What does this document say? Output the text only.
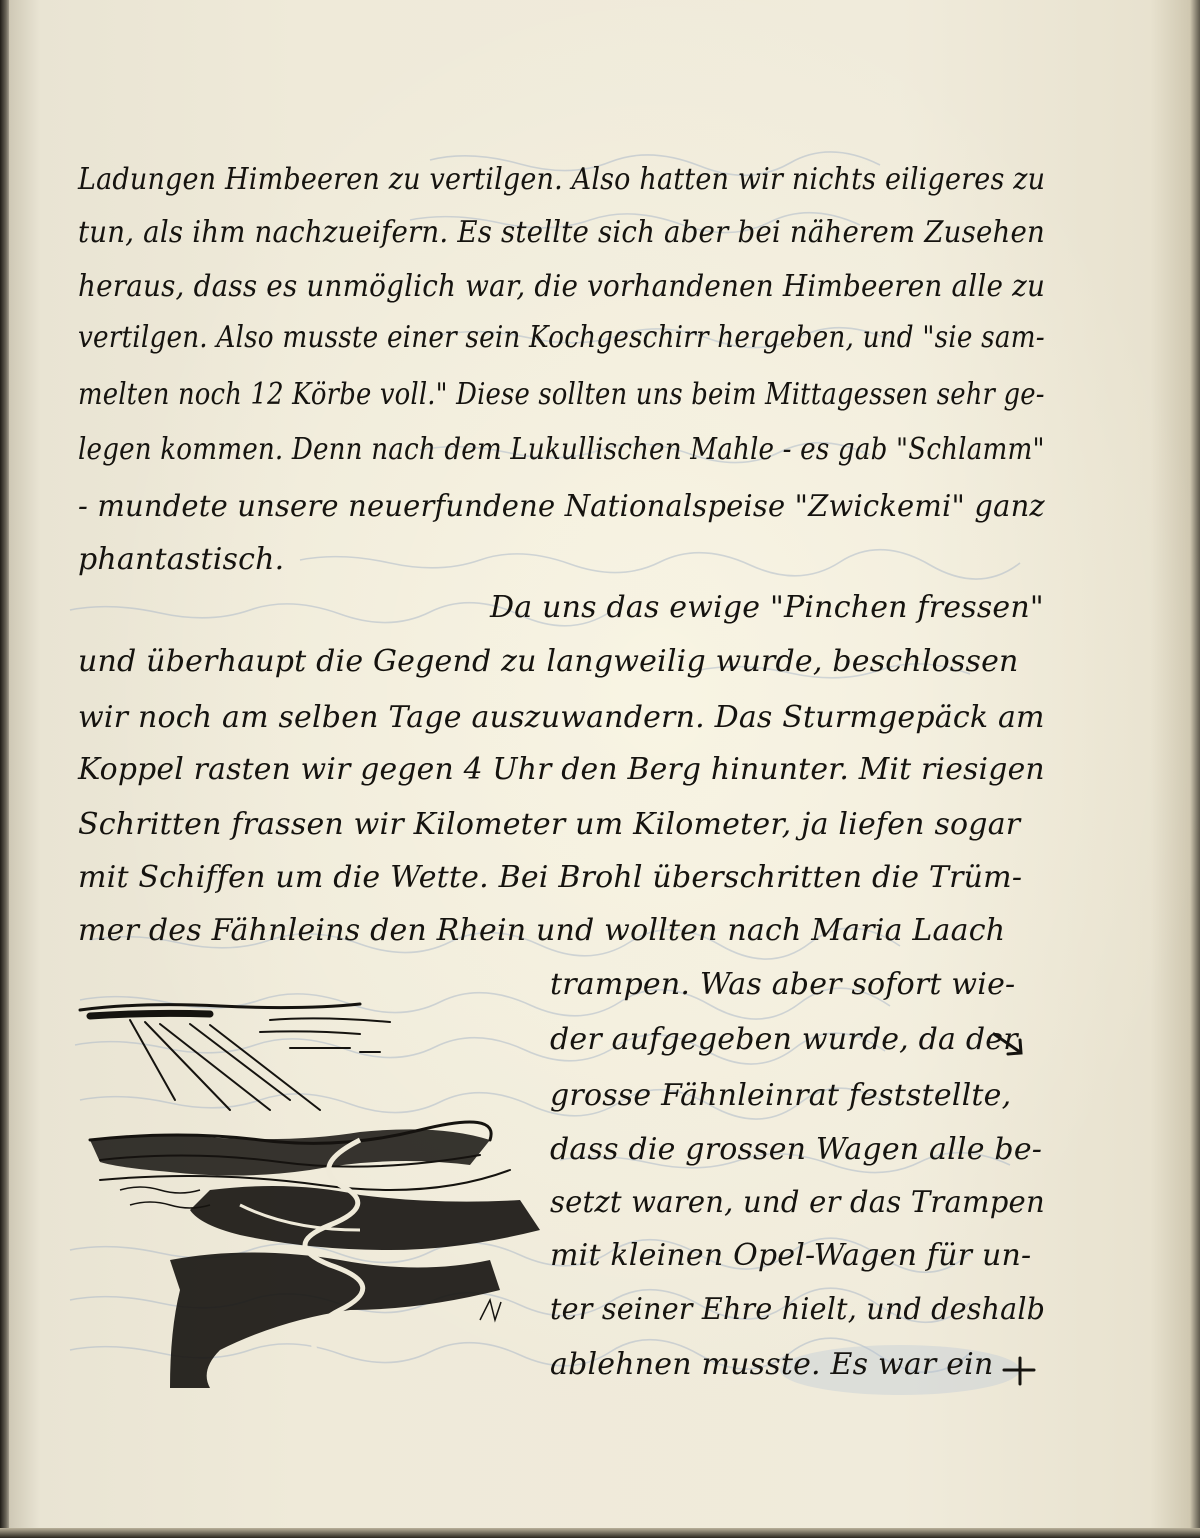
Ladungen Himbeeren zu vertilgen. Also hatten wir nichts eiligeres zu
tun, als ihm nachzueifern. Es stellte sich aber bei näherem Zusehen
heraus, dass es unmöglich war, die vorhandenen Himbeeren alle zu
vertilgen. Also musste einer sein Kochgeschirr hergeben, und "sie sam-
melten noch 12 Körbe voll." Diese sollten uns beim Mittagessen sehr ge-
legen kommen. Denn nach dem Lukullischen Mahle - es gab "Schlamm"
- mundete unsere neuerfundene Nationalspeise "Zwickemi" ganz
phantastisch.
Da uns das ewige "Pinchen fressen"
und überhaupt die Gegend zu langweilig wurde, beschlossen
wir noch am selben Tage auszuwandern. Das Sturmgepäck am
Koppel rasten wir gegen 4 Uhr den Berg hinunter. Mit riesigen
Schritten frassen wir Kilometer um Kilometer, ja liefen sogar
mit Schiffen um die Wette. Bei Brohl überschritten die Trüm-
mer des Fähnleins den Rhein und wollten nach Maria Laach
trampen. Was aber sofort wie-
der aufgegeben wurde, da der
grosse Fähnleinrat feststellte,
dass die grossen Wagen alle be-
setzt waren, und er das Trampen
mit kleinen Opel-Wagen für un-
ter seiner Ehre hielt, und deshalb
ablehnen musste. Es war ein
